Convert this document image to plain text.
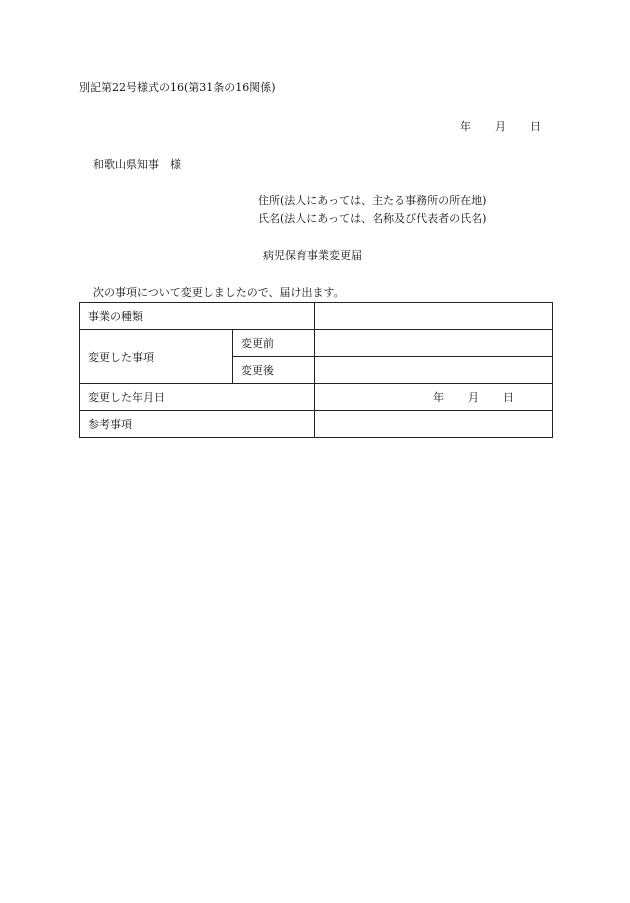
別記第22号様式の16(第31条の16関係)
年 月 日
和歌山県知事　様
住所(法人にあっては、主たる事務所の所在地)
氏名(法人にあっては、名称及び代表者の氏名)
病児保育事業変更届
次の事項について変更しましたので、届け出ます。
事業の種類		
変更した事項	変更前	
	変更後	
変更した年月日		年 月 日
参考事項		
